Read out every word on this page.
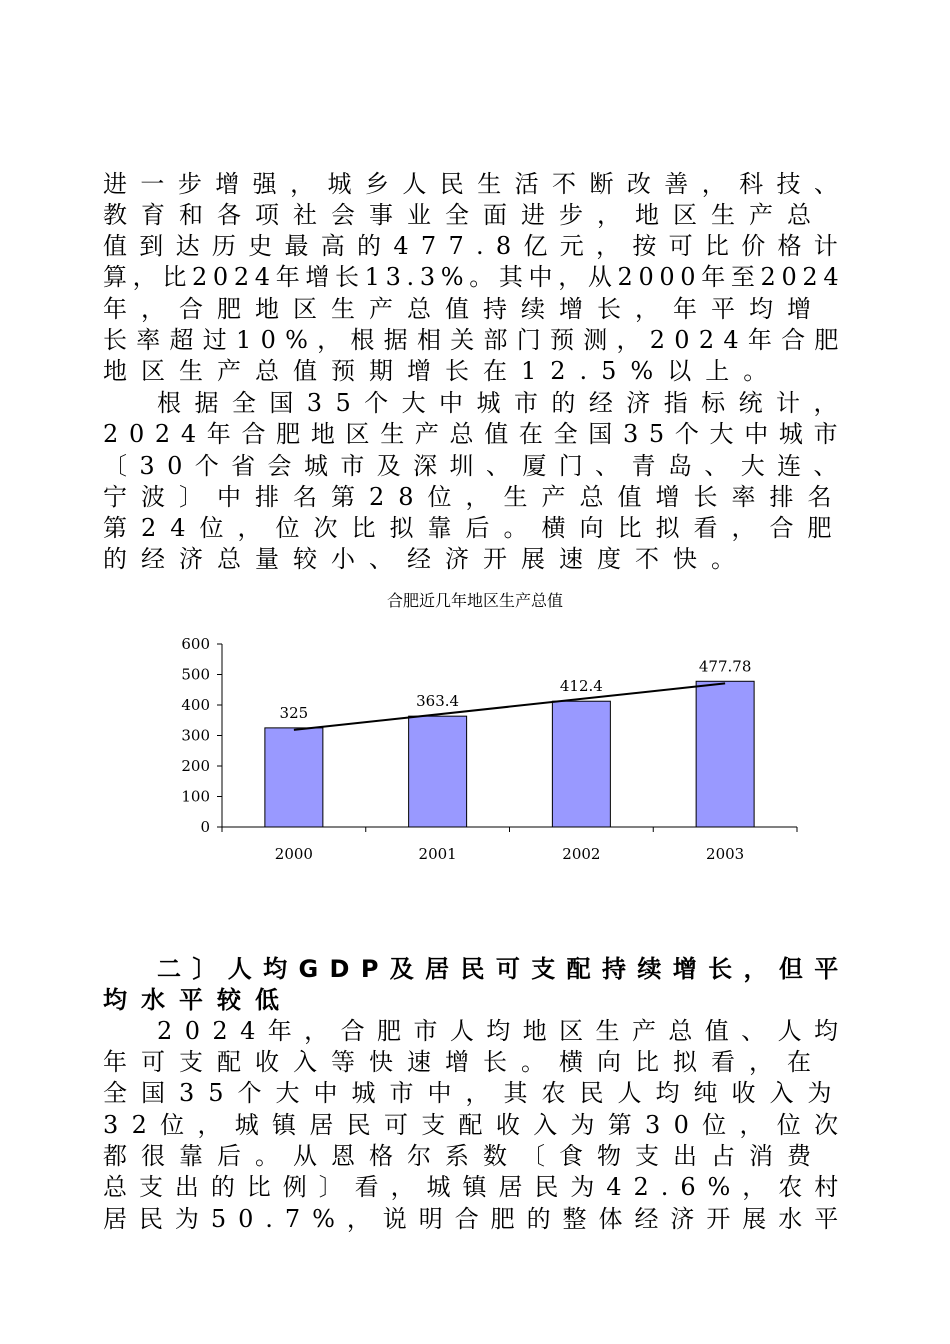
进一步增强，城乡人民生活不断改善，科技、
教育和各项社会事业全面进步，地区生产总
值到达历史最高的477.8亿元，按可比价格计
算，比2024年增长13.3%。其中，从2000年至2024
年，合肥地区生产总值持续增长，年平均增
长率超过10%，根据相关部门预测，2024年合肥
地区生产总值预期增长在12.5%以上。
根据全国35个大中城市的经济指标统计，
2024年合肥地区生产总值在全国35个大中城市
〔30个省会城市及深圳、厦门、青岛、大连、
宁波〕中排名第28位，生产总值增长率排名
第24位，位次比拟靠后。横向比拟看，合肥
的经济总量较小、经济开展速度不快。
合肥近几年地区生产总值
0
100
200
300
400
500
600
2000
325
2001
363.4
2002
412.4
2003
477.78
二〕人均GDP及居民可支配持续增长，但平
均水平较低
2024年，合肥市人均地区生产总值、人均
年可支配收入等快速增长。横向比拟看，在
全国35个大中城市中，其农民人均纯收入为
32位，城镇居民可支配收入为第30位，位次
都很靠后。从恩格尔系数〔食物支出占消费
总支出的比例〕看，城镇居民为42.6%，农村
居民为50.7%，说明合肥的整体经济开展水平
